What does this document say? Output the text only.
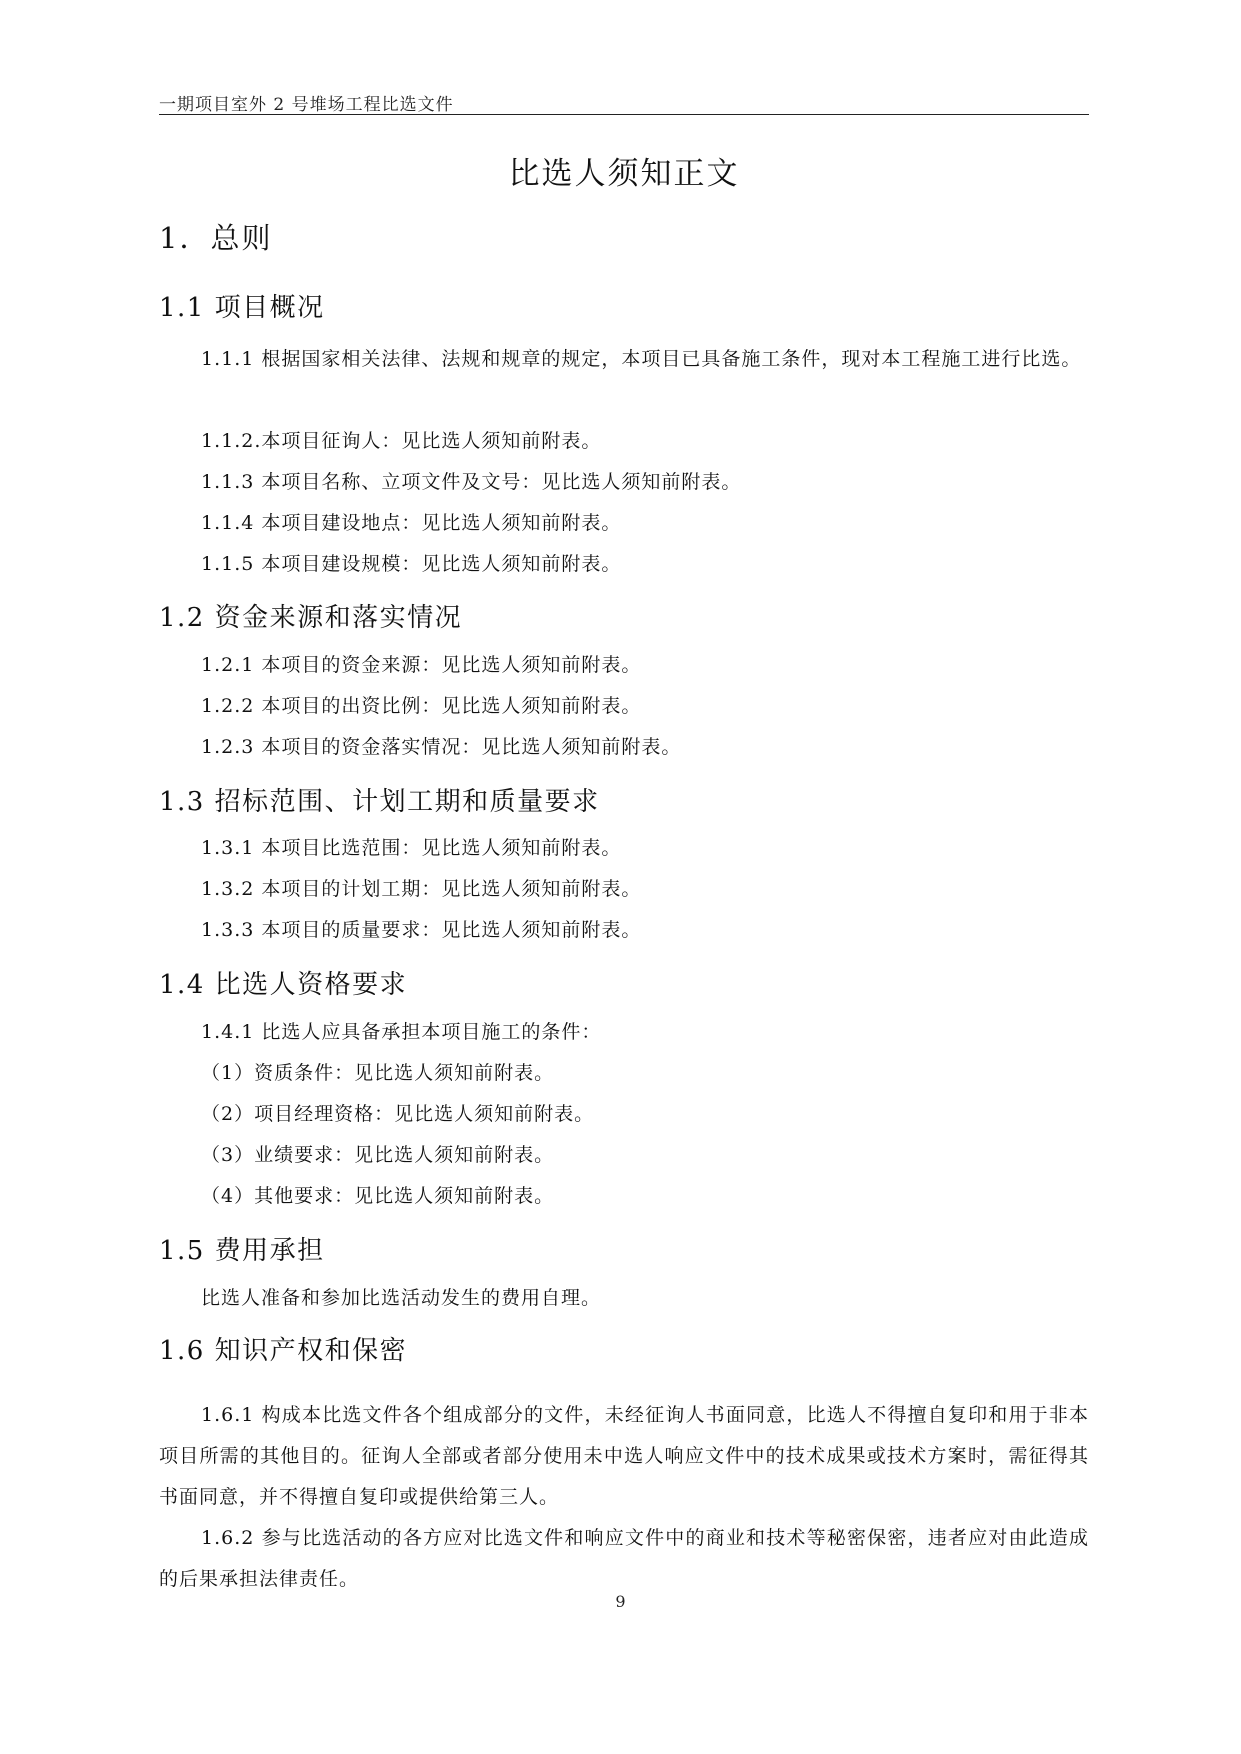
一期项目室外 2 号堆场工程比选文件
比选人须知正文
1．总则
1.1 项目概况

1.1.1 根据国家相关法律、法规和规章的规定，本项目已具备施工条件，现对本工程施工进行比选。

1.1.2.本项目征询人：见比选人须知前附表。

1.1.3 本项目名称、立项文件及文号：见比选人须知前附表。

1.1.4 本项目建设地点：见比选人须知前附表。

1.1.5 本项目建设规模：见比选人须知前附表。

1.2 资金来源和落实情况

1.2.1 本项目的资金来源：见比选人须知前附表。

1.2.2 本项目的出资比例：见比选人须知前附表。

1.2.3 本项目的资金落实情况：见比选人须知前附表。

1.3 招标范围、计划工期和质量要求

1.3.1 本项目比选范围：见比选人须知前附表。

1.3.2 本项目的计划工期：见比选人须知前附表。

1.3.3 本项目的质量要求：见比选人须知前附表。

1.4 比选人资格要求

1.4.1 比选人应具备承担本项目施工的条件：

（1）资质条件：见比选人须知前附表。

（2）项目经理资格：见比选人须知前附表。

（3）业绩要求：见比选人须知前附表。

（4）其他要求：见比选人须知前附表。

1.5 费用承担

比选人准备和参加比选活动发生的费用自理。

1.6 知识产权和保密

1.6.1 构成本比选文件各个组成部分的文件，未经征询人书面同意，比选人不得擅自复印和用于非本项目所需的其他目的。征询人全部或者部分使用未中选人响应文件中的技术成果或技术方案时，需征得其书面同意，并不得擅自复印或提供给第三人。

1.6.2 参与比选活动的各方应对比选文件和响应文件中的商业和技术等秘密保密，违者应对由此造成的后果承担法律责任。

9
